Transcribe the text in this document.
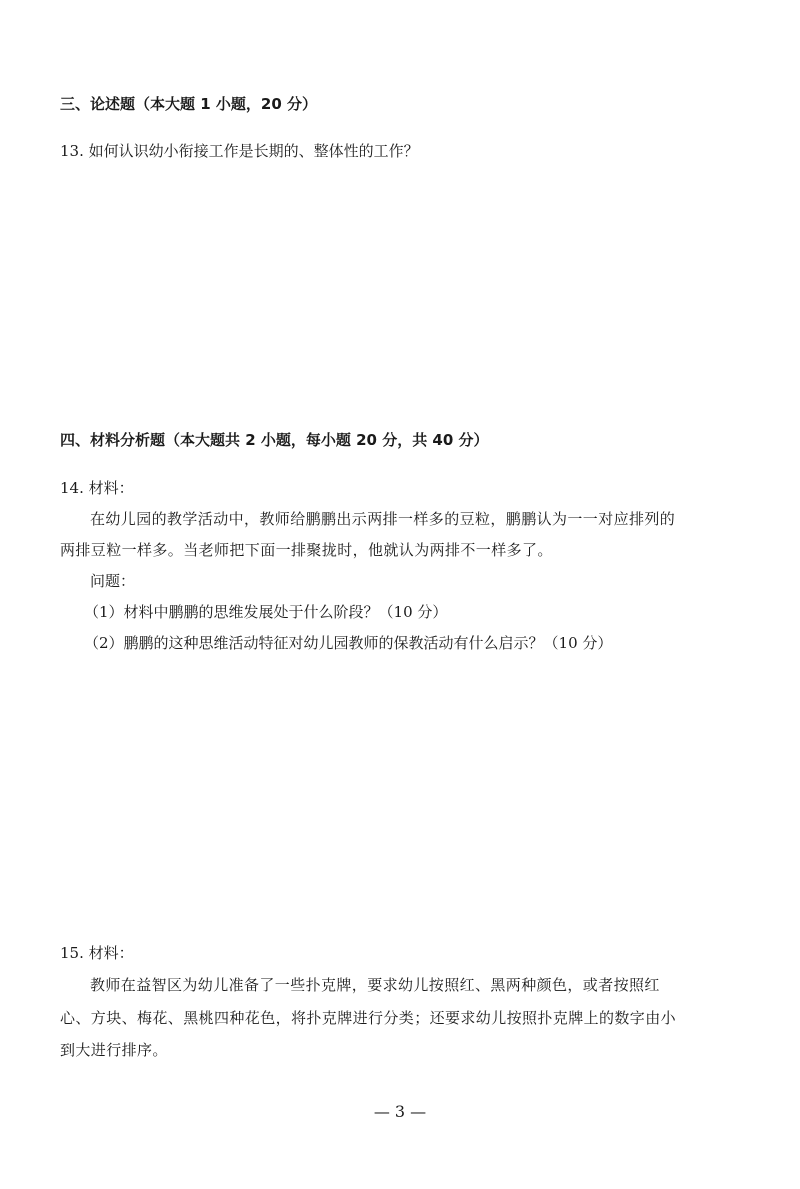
三、论述题（本大题 1 小题，20 分）
13. 如何认识幼小衔接工作是长期的、整体性的工作？
四、材料分析题（本大题共 2 小题，每小题 20 分，共 40 分）
14. 材料：
在幼儿园的教学活动中，教师给鹏鹏出示两排一样多的豆粒，鹏鹏认为一一对应排列的
两排豆粒一样多。当老师把下面一排聚拢时，他就认为两排不一样多了。
问题：
（1）材料中鹏鹏的思维发展处于什么阶段？（10 分）
（2）鹏鹏的这种思维活动特征对幼儿园教师的保教活动有什么启示？（10 分）
15. 材料：
教师在益智区为幼儿准备了一些扑克牌，要求幼儿按照红、黑两种颜色，或者按照红
心、方块、梅花、黑桃四种花色，将扑克牌进行分类；还要求幼儿按照扑克牌上的数字由小
到大进行排序。
— 3 —
